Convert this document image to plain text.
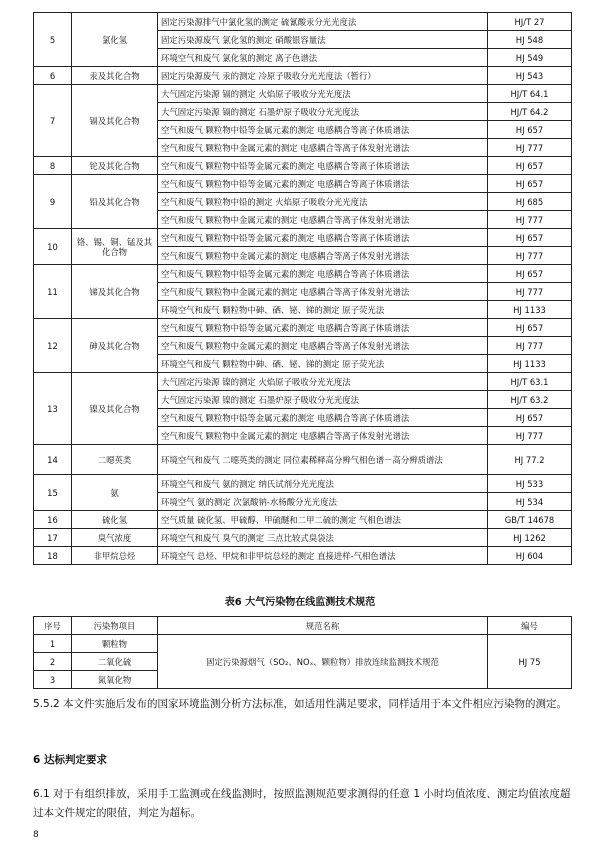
5	氯化氢	固定污染源排气中氯化氢的测定 硫氰酸汞分光光度法	HJ/T 27
		固定污染源废气 氯化氢的测定 硝酸银容量法	HJ 548
		环境空气和废气 氯化氢的测定 离子色谱法	HJ 549
6	汞及其化合物	固定污染源废气 汞的测定 冷原子吸收分光光度法（暂行）	HJ 543
7	镉及其化合物	大气固定污染源 镉的测定 火焰原子吸收分光光度法	HJ/T 64.1
		大气固定污染源 镉的测定 石墨炉原子吸收分光光度法	HJ/T 64.2
		空气和废气 颗粒物中铅等金属元素的测定 电感耦合等离子体质谱法	HJ 657
		空气和废气 颗粒物中金属元素的测定 电感耦合等离子体发射光谱法	HJ 777
8	铊及其化合物	空气和废气 颗粒物中铅等金属元素的测定 电感耦合等离子体质谱法	HJ 657
9	铅及其化合物	空气和废气 颗粒物中铅等金属元素的测定 电感耦合等离子体质谱法	HJ 657
		空气和废气 颗粒物中铅的测定 火焰原子吸收分光光度法	HJ 685
		空气和废气 颗粒物中金属元素的测定 电感耦合等离子体发射光谱法	HJ 777
10	铬、锡、铜、锰及其化合物	空气和废气 颗粒物中铅等金属元素的测定 电感耦合等离子体质谱法	HJ 657
		空气和废气 颗粒物中金属元素的测定 电感耦合等离子体发射光谱法	HJ 777
11	锑及其化合物	空气和废气 颗粒物中铅等金属元素的测定 电感耦合等离子体质谱法	HJ 657
		空气和废气 颗粒物中金属元素的测定 电感耦合等离子体发射光谱法	HJ 777
		环境空气和废气 颗粒物中砷、硒、铋、锑的测定 原子荧光法	HJ 1133
12	砷及其化合物	空气和废气 颗粒物中铅等金属元素的测定 电感耦合等离子体质谱法	HJ 657
		空气和废气 颗粒物中金属元素的测定 电感耦合等离子体发射光谱法	HJ 777
		环境空气和废气 颗粒物中砷、硒、铋、锑的测定 原子荧光法	HJ 1133
13	镍及其化合物	大气固定污染源 镍的测定 火焰原子吸收分光光度法	HJ/T 63.1
		大气固定污染源 镍的测定 石墨炉原子吸收分光光度法	HJ/T 63.2
		空气和废气 颗粒物中铅等金属元素的测定 电感耦合等离子体质谱法	HJ 657
		空气和废气 颗粒物中金属元素的测定 电感耦合等离子体发射光谱法	HJ 777
14	二噁英类	环境空气和废气 二噁英类的测定 同位素稀释高分辨气相色谱－高分辨质谱法	HJ 77.2
15	氨	环境空气和废气 氨的测定 纳氏试剂分光光度法	HJ 533
		环境空气 氨的测定 次氯酸钠-水杨酸分光光度法	HJ 534
16	硫化氢	空气质量 硫化氢、甲硫醇、甲硫醚和二甲二硫的测定 气相色谱法	GB/T 14678
17	臭气浓度	环境空气和废气 臭气的测定 三点比较式臭袋法	HJ 1262
18	非甲烷总烃	环境空气 总烃、甲烷和非甲烷总烃的测定 直接进样-气相色谱法	HJ 604
表6 大气污染物在线监测技术规范
序号	污染物项目	规范名称	编号
1	颗粒物	固定污染源烟气（SO₂、NOₓ、颗粒物）排放连续监测技术规范	HJ 75
2	二氧化硫		
3	氮氧化物		
5.5.2 本文件实施后发布的国家环境监测分析方法标准，如适用性满足要求，同样适用于本文件相应污染物的测定。
6 达标判定要求
6.1 对于有组织排放，采用手工监测或在线监测时，按照监测规范要求测得的任意 1 小时均值浓度、测定均值浓度超过本文件规定的限值，判定为超标。
8
